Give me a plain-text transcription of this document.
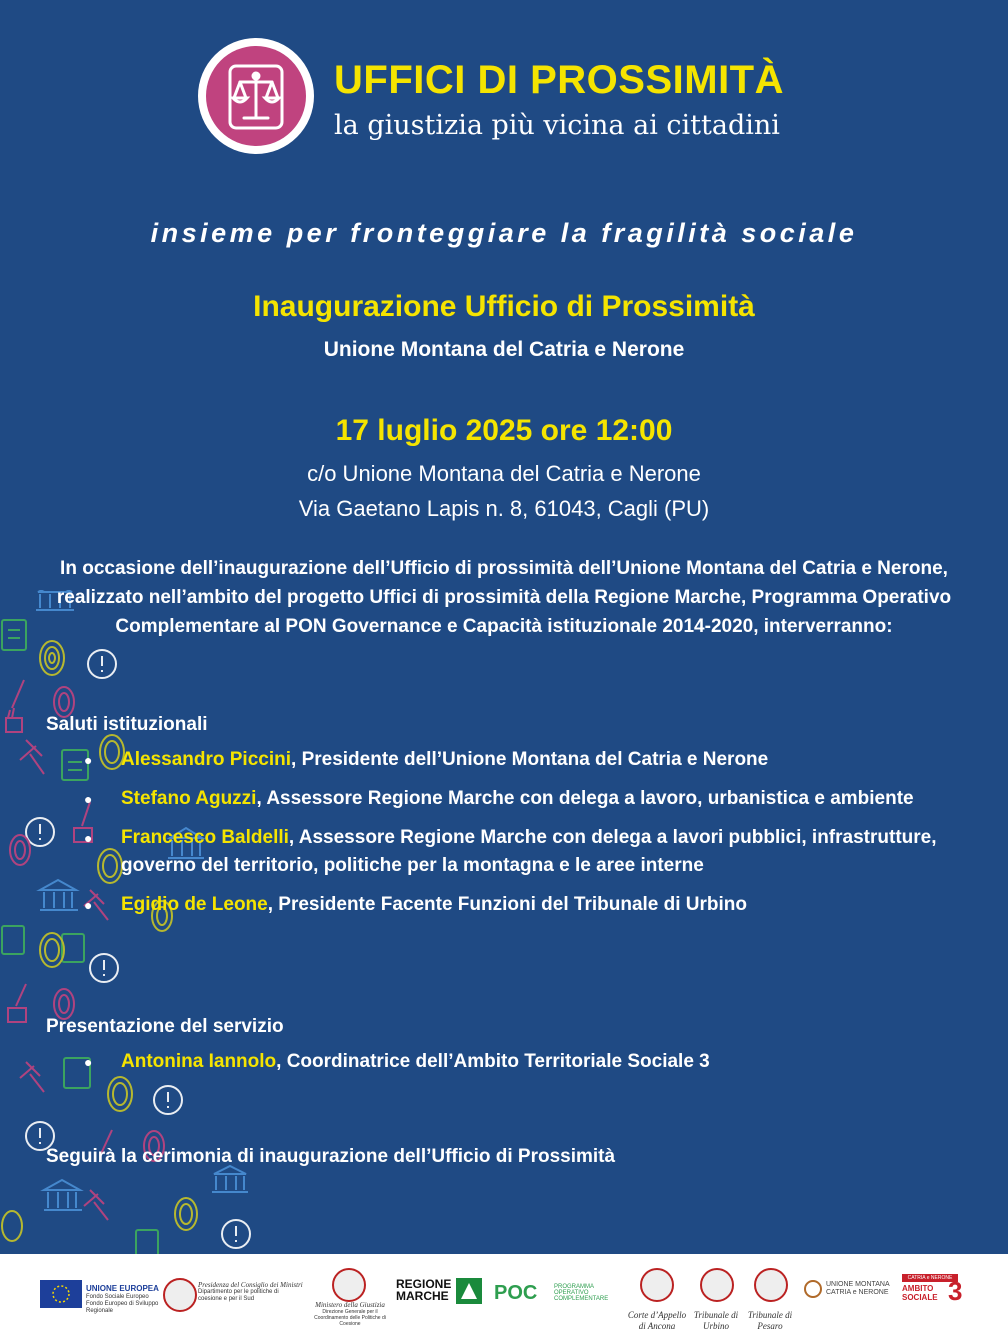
UFFICI DI PROSSIMITÀ
la giustizia più vicina ai cittadini
insieme per fronteggiare la fragilità sociale
Inaugurazione Ufficio di Prossimità
Unione Montana del Catria e Nerone
17 luglio 2025 ore 12:00
c/o Unione Montana del Catria e Nerone
Via Gaetano Lapis n. 8, 61043, Cagli (PU)
In occasione dell’inaugurazione dell’Ufficio di prossimità dell’Unione Montana del Catria e Nerone, realizzato nell’ambito del progetto Uffici di prossimità della Regione Marche, Programma Operativo Complementare al PON Governance e Capacità istituzionale 2014-2020, interverranno:
Saluti istituzionali
● Alessandro Piccini, Presidente dell’Unione Montana del Catria e Nerone
● Stefano Aguzzi, Assessore Regione Marche con delega a lavoro, urbanistica e ambiente
● Francesco Baldelli, Assessore Regione Marche con delega a lavori pubblici, infrastrutture, governo del territorio, politiche per la montagna e le aree interne
● Egidio de Leone, Presidente Facente Funzioni del Tribunale di Urbino
Presentazione del servizio
● Antonina Iannolo, Coordinatrice dell’Ambito Territoriale Sociale 3
Seguirà la cerimonia di inaugurazione dell’Ufficio di Prossimità
UNIONE EUROPEA
Fondo Sociale Europeo
Fondo Europeo di Sviluppo Regionale
Presidenza del Consiglio dei Ministri
Dipartimento per le politiche di coesione e per il Sud
Ministero della Giustizia
Direzione Generale per il Coordinamento delle Politiche di Coesione
REGIONE
MARCHE POC	PROGRAMMA
OPERATIVO
COMPLEMENTARE
Corte d’Appello
di Ancona
Tribunale di
Urbino
Tribunale di
Pesaro
UNIONE MONTANA
CATRIA e NERONE
CATRIA e NERONE
AMBITO SOCIALE 3
